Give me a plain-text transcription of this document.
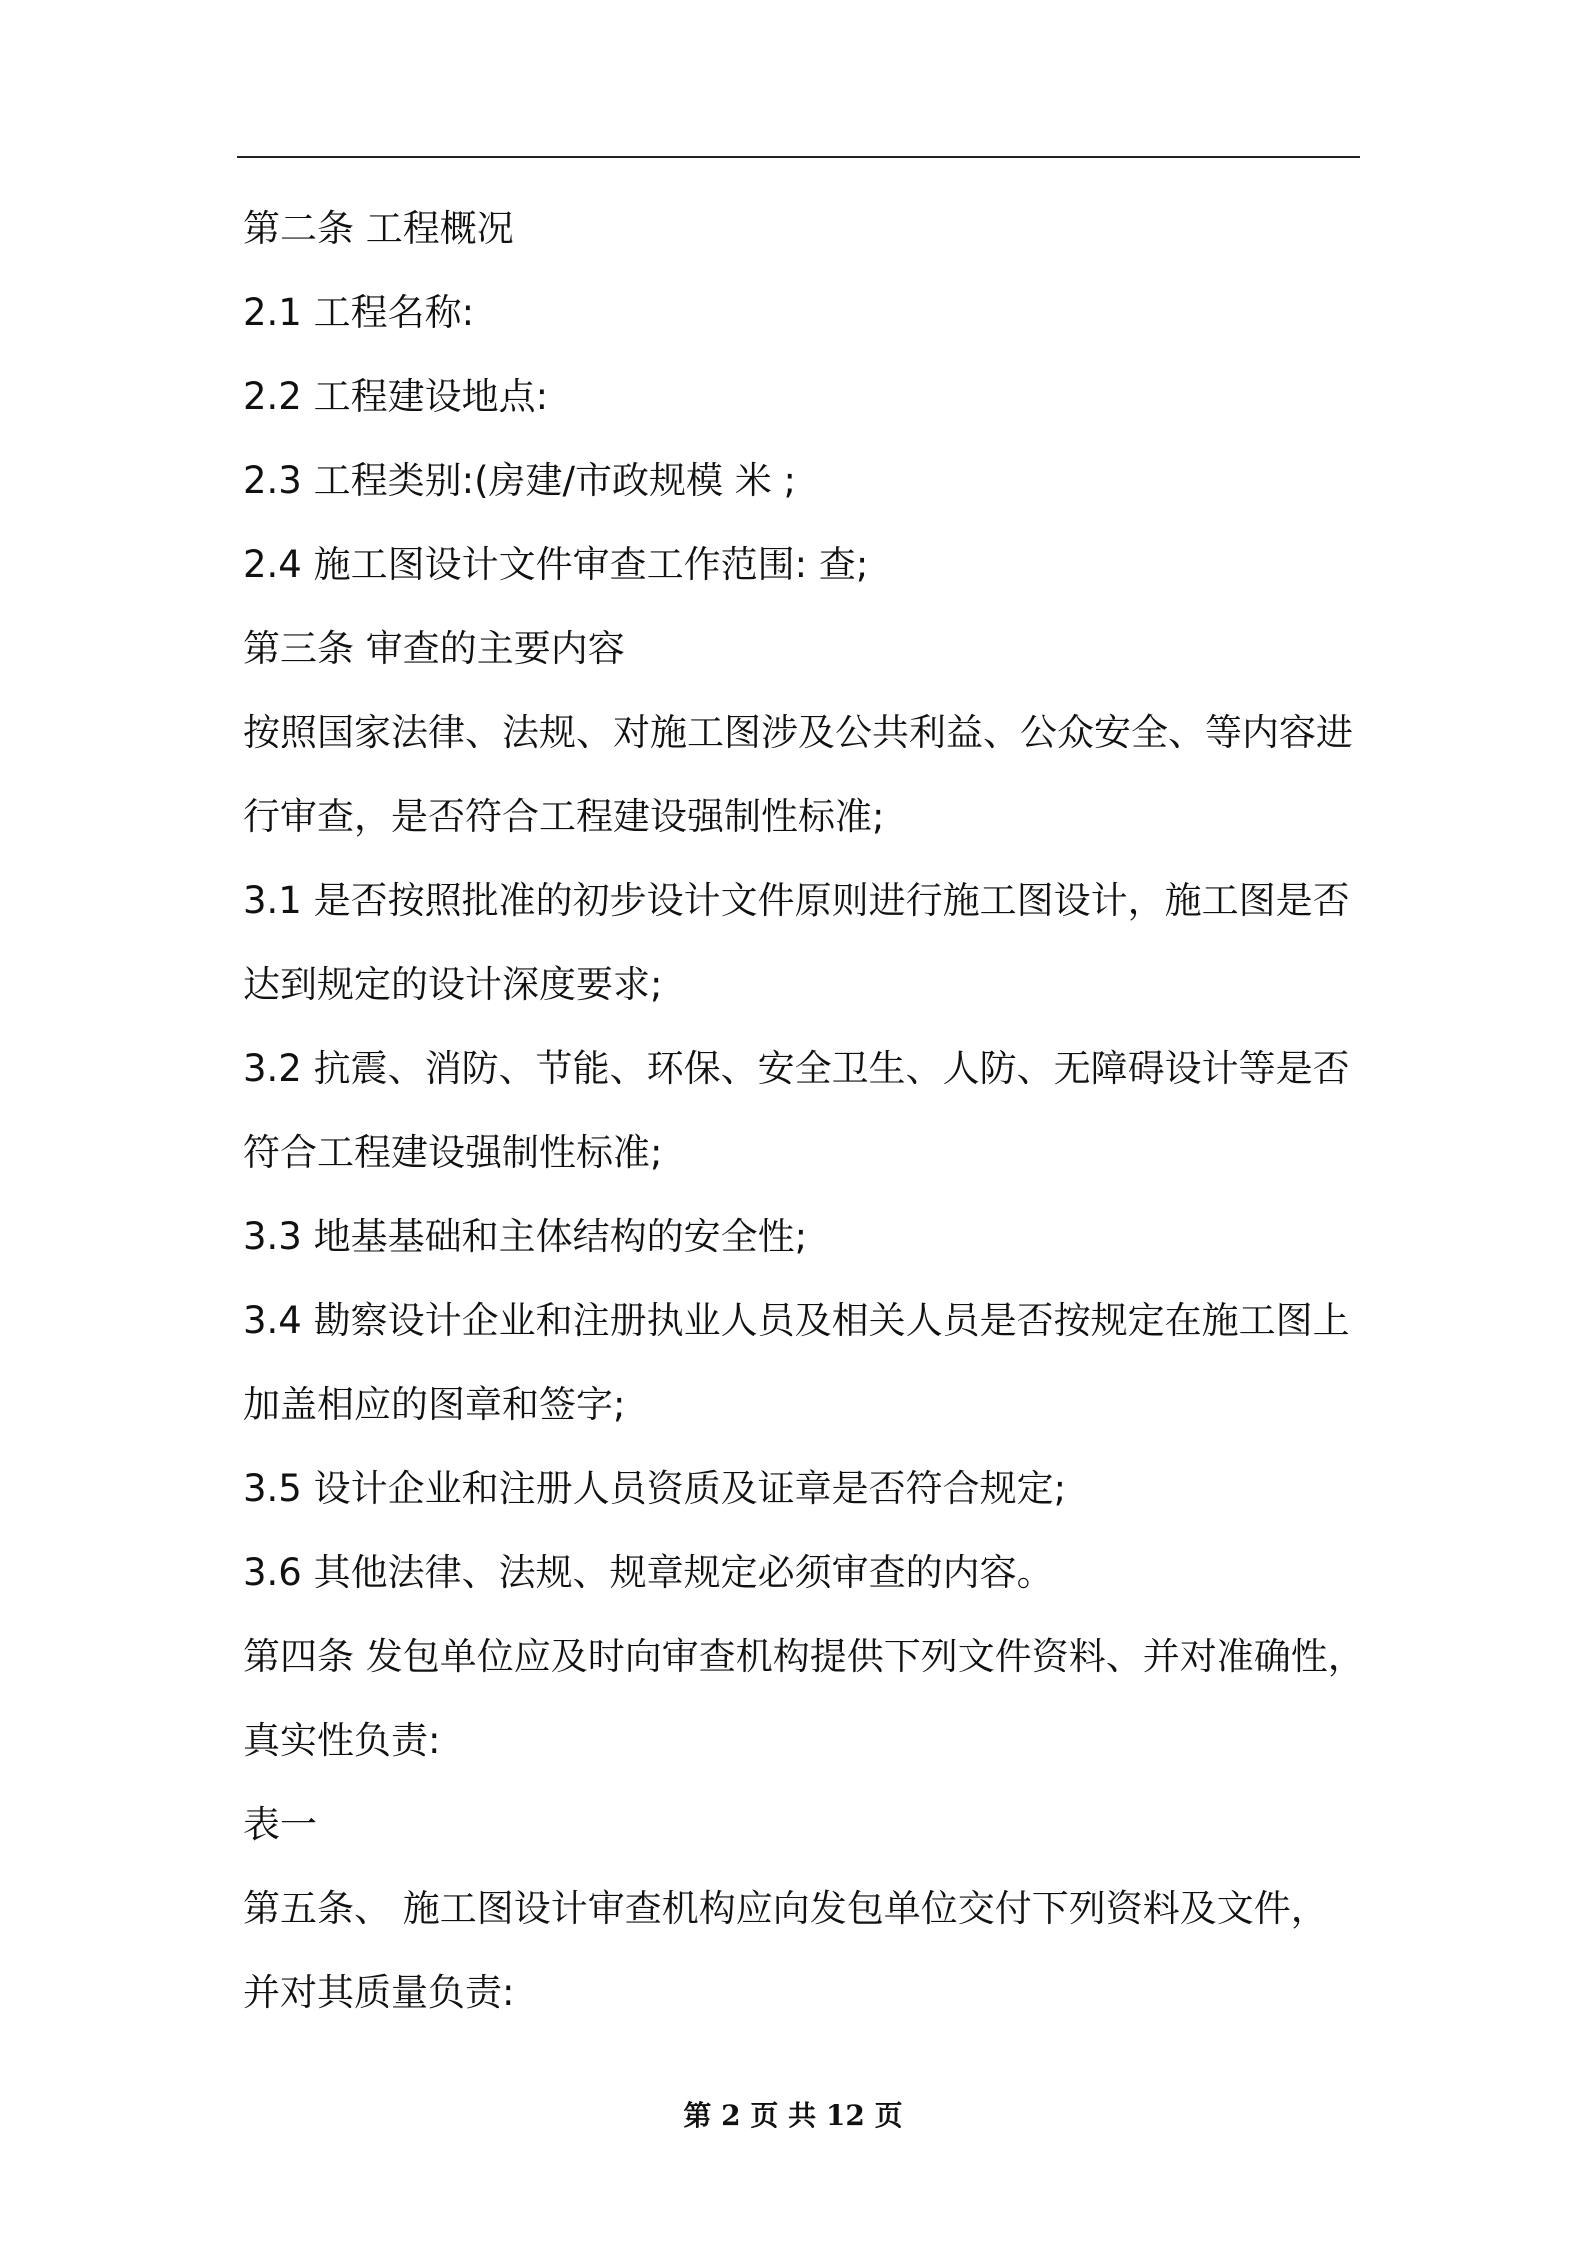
第二条 工程概况
2.1 工程名称:
2.2 工程建设地点:
2.3 工程类别:(房建/市政规模 米 ;
2.4 施工图设计文件审查工作范围: 查;
第三条 审查的主要内容
按照国家法律、法规、对施工图涉及公共利益、公众安全、等内容进
行审查，是否符合工程建设强制性标准;
3.1 是否按照批准的初步设计文件原则进行施工图设计，施工图是否
达到规定的设计深度要求;
3.2 抗震、消防、节能、环保、安全卫生、人防、无障碍设计等是否
符合工程建设强制性标准;
3.3 地基基础和主体结构的安全性;
3.4 勘察设计企业和注册执业人员及相关人员是否按规定在施工图上
加盖相应的图章和签字;
3.5 设计企业和注册人员资质及证章是否符合规定;
3.6 其他法律、法规、规章规定必须审查的内容。
第四条 发包单位应及时向审查机构提供下列文件资料、并对准确性，
真实性负责:
表一
第五条、 施工图设计审查机构应向发包单位交付下列资料及文件，
并对其质量负责:
第 2 页 共 12 页
